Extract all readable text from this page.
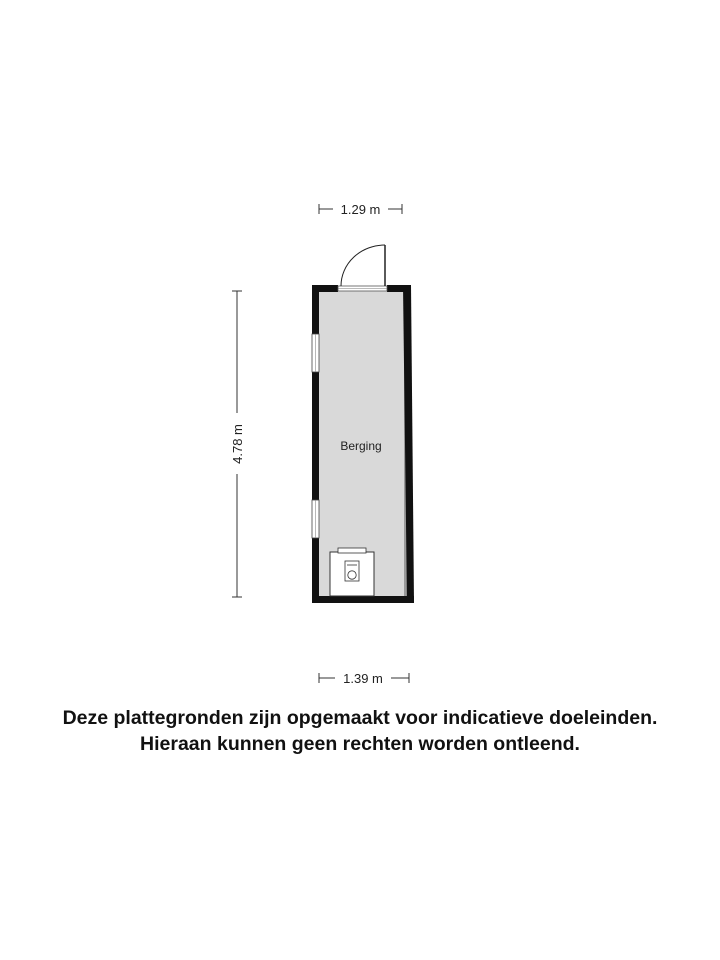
1.29 m
4.78 m	Berging
1.39 m
Deze plattegronden zijn opgemaakt voor indicatieve doeleinden.
Hieraan kunnen geen rechten worden ontleend.
